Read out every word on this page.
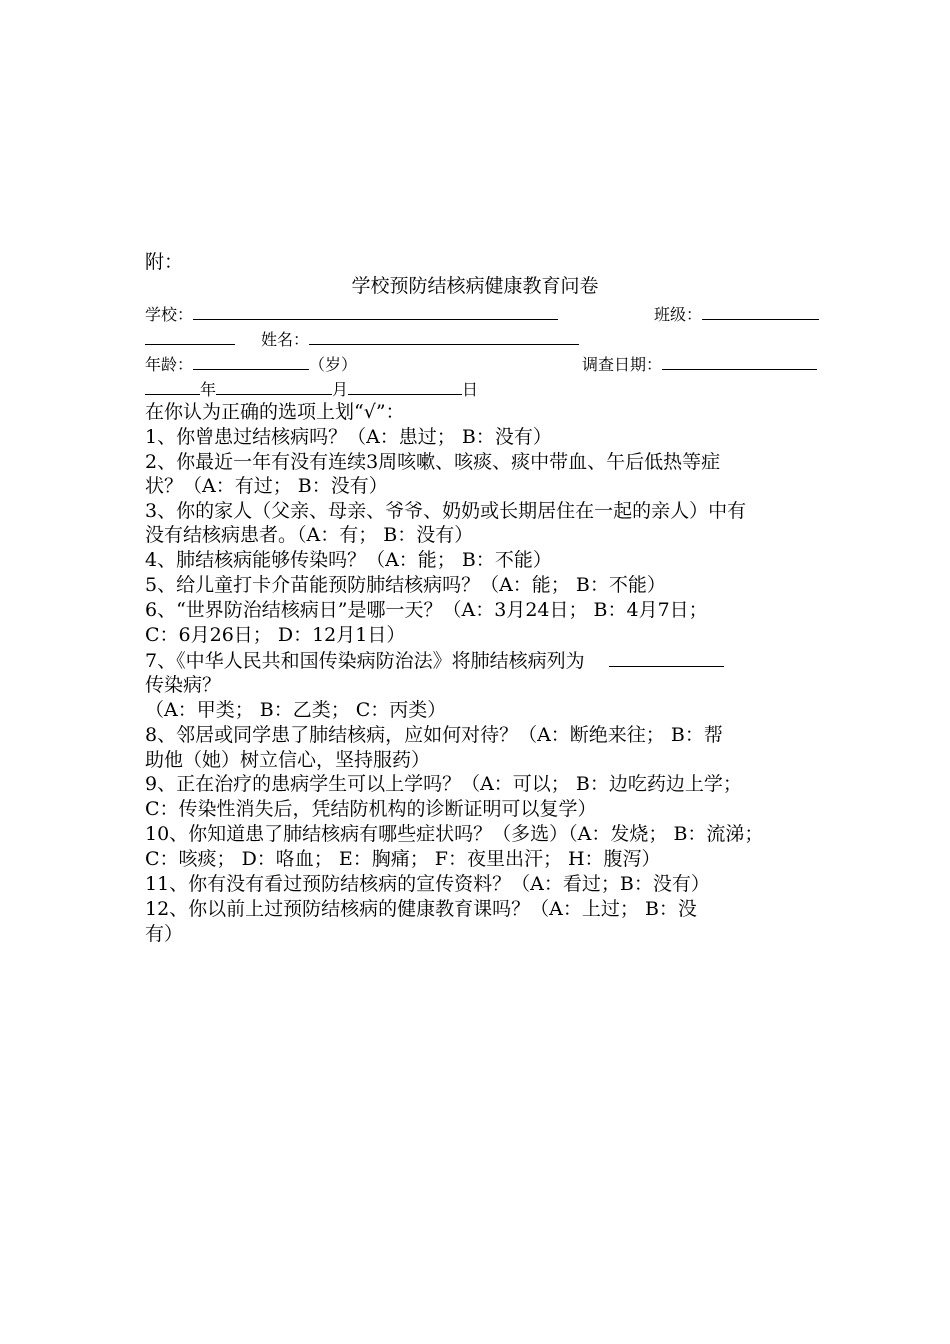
附：
学校预防结核病健康教育问卷
学校：	班级：
姓名：
年龄：	（岁）	调查日期：
年	月	日
在你认为正确的选项上划“√”：
1、你曾患过结核病吗？（A：患过； B：没有）
2、你最近一年有没有连续3周咳嗽、咳痰、痰中带血、午后低热等症
状？（A：有过； B：没有）
3、你的家人（父亲、母亲、爷爷、奶奶或长期居住在一起的亲人）中有
没有结核病患者。（A：有； B：没有）
4、肺结核病能够传染吗？（A：能； B：不能）
5、给儿童打卡介苗能预防肺结核病吗？（A：能； B：不能）
6、“世界防治结核病日”是哪一天？（A：3月24日； B：4月7日；
C：6月26日； D：12月1日）
7、《中华人民共和国传染病防治法》将肺结核病列为
传染病？
（A：甲类； B：乙类； C：丙类）
8、邻居或同学患了肺结核病，应如何对待？（A：断绝来往； B：帮
助他（她）树立信心，坚持服药）
9、正在治疗的患病学生可以上学吗？（A：可以； B：边吃药边上学；
C：传染性消失后，凭结防机构的诊断证明可以复学）
10、你知道患了肺结核病有哪些症状吗？（多选）（A：发烧； B：流涕；
C：咳痰； D：咯血； E：胸痛； F：夜里出汗； H：腹泻）
11、你有没有看过预防结核病的宣传资料？（A：看过；B：没有）
12、你以前上过预防结核病的健康教育课吗？（A：上过； B：没
有）
